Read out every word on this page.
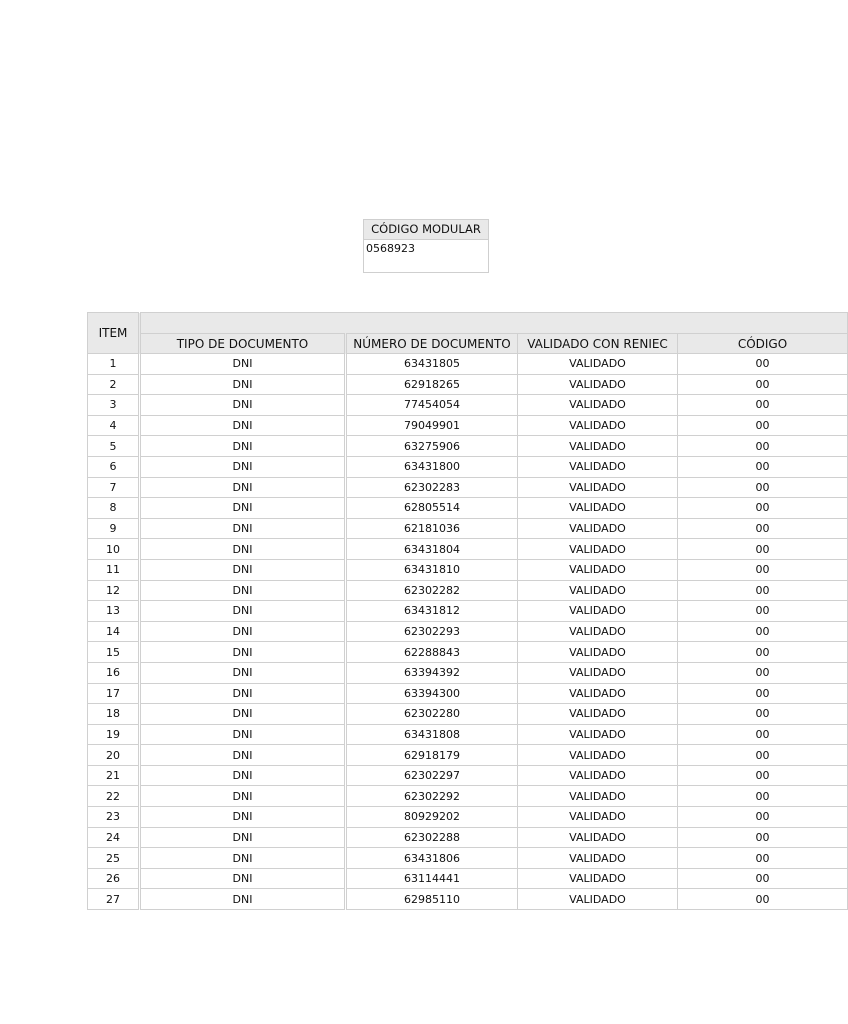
CÓDIGO MODULAR
0568923
ITEM				
	TIPO DE DOCUMENTO	NÚMERO DE DOCUMENTO	VALIDADO CON RENIEC	CÓDIGO
1	DNI	63431805	VALIDADO	00
2	DNI	62918265	VALIDADO	00
3	DNI	77454054	VALIDADO	00
4	DNI	79049901	VALIDADO	00
5	DNI	63275906	VALIDADO	00
6	DNI	63431800	VALIDADO	00
7	DNI	62302283	VALIDADO	00
8	DNI	62805514	VALIDADO	00
9	DNI	62181036	VALIDADO	00
10	DNI	63431804	VALIDADO	00
11	DNI	63431810	VALIDADO	00
12	DNI	62302282	VALIDADO	00
13	DNI	63431812	VALIDADO	00
14	DNI	62302293	VALIDADO	00
15	DNI	62288843	VALIDADO	00
16	DNI	63394392	VALIDADO	00
17	DNI	63394300	VALIDADO	00
18	DNI	62302280	VALIDADO	00
19	DNI	63431808	VALIDADO	00
20	DNI	62918179	VALIDADO	00
21	DNI	62302297	VALIDADO	00
22	DNI	62302292	VALIDADO	00
23	DNI	80929202	VALIDADO	00
24	DNI	62302288	VALIDADO	00
25	DNI	63431806	VALIDADO	00
26	DNI	63114441	VALIDADO	00
27	DNI	62985110	VALIDADO	00
